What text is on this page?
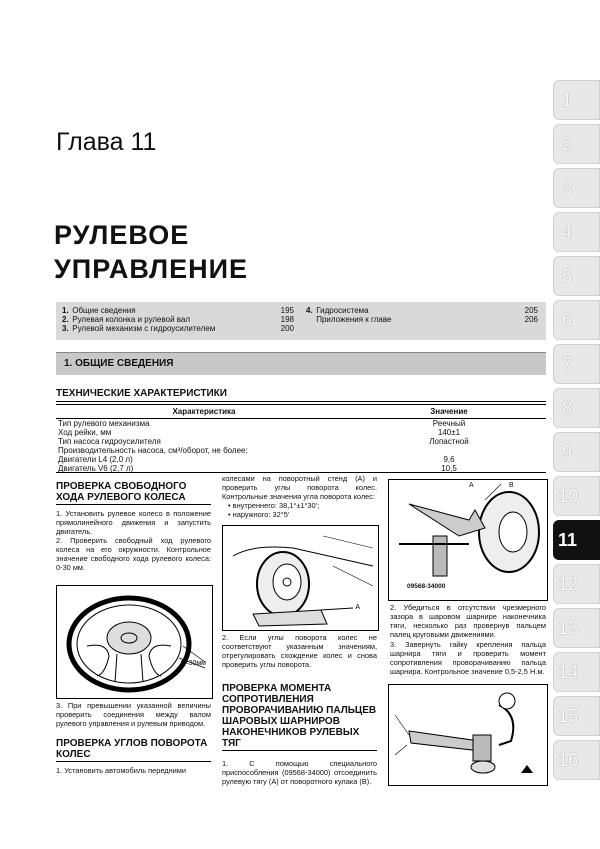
Глава 11
РУЛЕВОЕ
УПРАВЛЕНИЕ
1. Общие сведения	195
2. Рулевая колонка и рулевой вал	198
3. Рулевой механизм с гидроусилителем	200
4. Гидросистема	205
Приложения к главе	206
1. ОБЩИЕ СВЕДЕНИЯ
ТЕХНИЧЕСКИЕ ХАРАКТЕРИСТИКИ
Характеристика	Значение
Тип рулевого механизма	Реечный
Ход рейки, мм	140±1
Тип насоса гидроусилителя	Лопастной
Производительность насоса, см³/оборот, не более:	
Двигатели L4 (2,0 л)	9,6
Двигатель V6 (2,7 л)	10,5
ПРОВЕРКА СВОБОДНОГО ХОДА РУЛЕВОГО КОЛЕСА
1. Установить рулевое колесо в положение прямолинейного движения и запустить двигатель.
2. Проверить свободный ход рулевого колеса на его окружности. Контрольное значение свободного хода рулевого колеса: 0-30 мм.
0–30мм
3. При превышении указанной величины проверить соединения между валом рулевого управления и рулевым приводом.
ПРОВЕРКА УГЛОВ ПОВОРОТА КОЛЕС
1. Установить автомобиль передними
колесами на поворотный стенд (А) и проверить углы поворота колес. Контрольные значения угла поворота колес:
• внутреннего: 38,1°±1°30';
• наружного: 32°5'
A
2. Если углы поворота колес не соответствуют указанным значениям, отрегулировать схождение колес и снова проверить углы поворота.
ПРОВЕРКА МОМЕНТА СОПРОТИВЛЕНИЯ ПРОВОРАЧИВАНИЮ ПАЛЬЦЕВ ШАРОВЫХ ШАРНИРОВ НАКОНЕЧНИКОВ РУЛЕВЫХ ТЯГ
1. С помощью специального приспособления (09568-34000) отсоединить рулевую тягу (А) от поворотного кулака (В).
09568-34000
A	B
2. Убедиться в отсутствии чрезмерного зазора в шаровом шарнире наконечника тяги, несколько раз провернув пальцем палец круговыми движениями.
3. Завернуть гайку крепления пальца шарнира тяги и проверить момент сопротивления проворачиванию пальца шарнира. Контрольное значение 0,5-2,5 Н.м.
1
2
3
4
5
6
7
8
9
10
11
12
13
14
15
16
